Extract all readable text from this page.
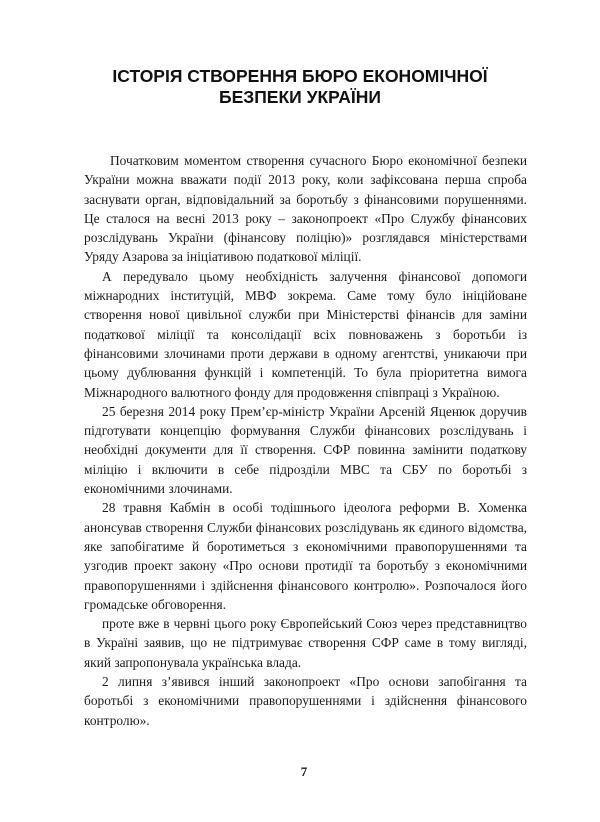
ІСТОРІЯ СТВОРЕННЯ БЮРО ЕКОНОМІЧНОЇ БЕЗПЕКИ УКРАЇНИ

Початковим моментом створення сучасного Бюро економічної безпеки України можна вважати події 2013 року, коли зафіксована перша спроба заснувати орган, відповідальний за боротьбу з фінансовими порушеннями. Це сталося на весні 2013 року – законопроект «Про Службу фінансових розслідувань України (фінансову поліцію)» розглядався міністерствами Уряду Азарова за ініціативою податкової міліції.

А передувало цьому необхідність залучення фінансової допомоги міжнародних інституцій, МВФ зокрема. Саме тому було ініційоване створення нової цивільної служби при Міністерстві фінансів для заміни податкової міліції та консолідації всіх повноважень з боротьби із фінансовими злочинами проти держави в одному агентстві, уникаючи при цьому дублювання функцій і компетенцій. То була пріоритетна вимога Міжнародного валютного фонду для продовження співпраці з Україною.

25 березня 2014 року Прем’єр-міністр України Арсеній Яценюк доручив підготувати концепцію формування Служби фінансових розслідувань і необхідні документи для її створення. СФР повинна замінити податкову міліцію і включити в себе підрозділи МВС та СБУ по боротьбі з економічними злочинами.

28 травня Кабмін в особі тодішнього ідеолога реформи В. Хоменка анонсував створення Служби фінансових розслідувань як єдиного відомства, яке запобігатиме й боротиметься з економічними правопорушеннями та узгодив проект закону «Про основи протидії та боротьбу з економічними правопорушеннями і здійснення фінансового контролю». Розпочалося його громадське обговорення.

проте вже в червні цього року Європейський Союз через представництво в Україні заявив, що не підтримуває створення СФР саме в тому вигляді, який запропонувала українська влада.

2 липня з’явився інший законопроект «Про основи запобігання та боротьбі з економічними правопорушеннями і здійснення фінансового контролю».

7
